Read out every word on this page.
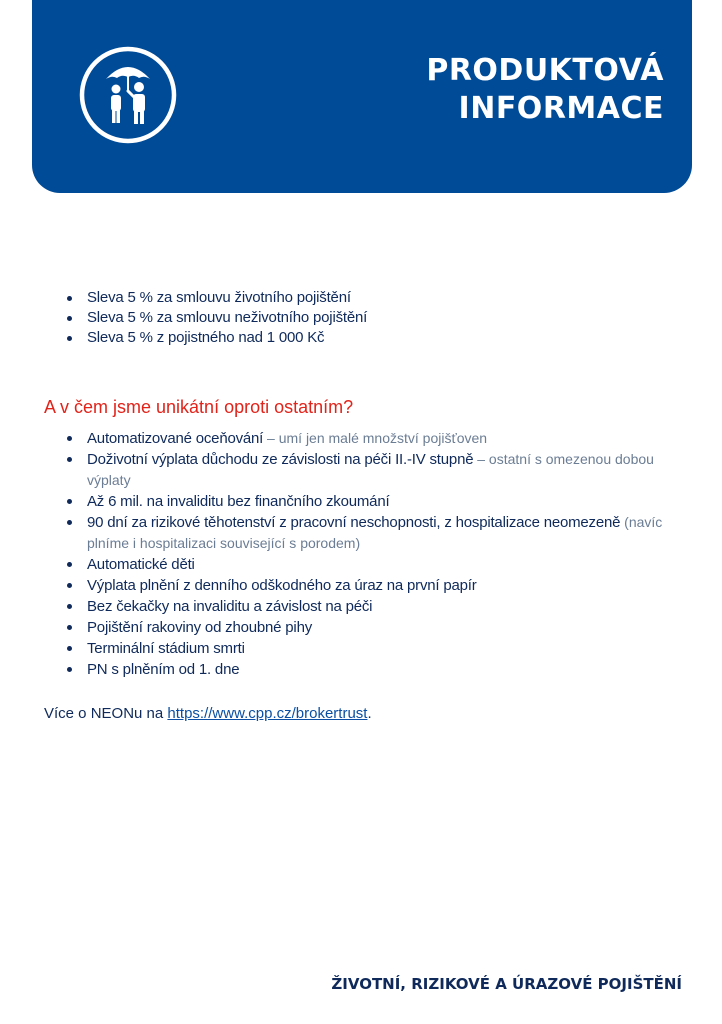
PRODUKTOVÁ
INFORMACE
Sleva 5 % za smlouvu životního pojištění
Sleva 5 % za smlouvu neživotního pojištění
Sleva 5 % z pojistného nad 1 000 Kč
A v čem jsme unikátní oproti ostatním?
Automatizované oceňování – umí jen malé množství pojišťoven
Doživotní výplata důchodu ze závislosti na péči II.-IV stupně – ostatní s omezenou dobou výplaty
Až 6 mil. na invaliditu bez finančního zkoumání
90 dní za rizikové těhotenství z pracovní neschopnosti, z hospitalizace neomezeně (navíc plníme i hospitalizaci související s porodem)
Automatické děti
Výplata plnění z denního odškodného za úraz na první papír
Bez čekačky na invaliditu a závislost na péči
Pojištění rakoviny od zhoubné pihy
Terminální stádium smrti
PN s plněním od 1. dne
Více o NEONu na https://www.cpp.cz/brokertrust.
ŽIVOTNÍ, RIZIKOVÉ A ÚRAZOVÉ POJIŠTĚNÍ
